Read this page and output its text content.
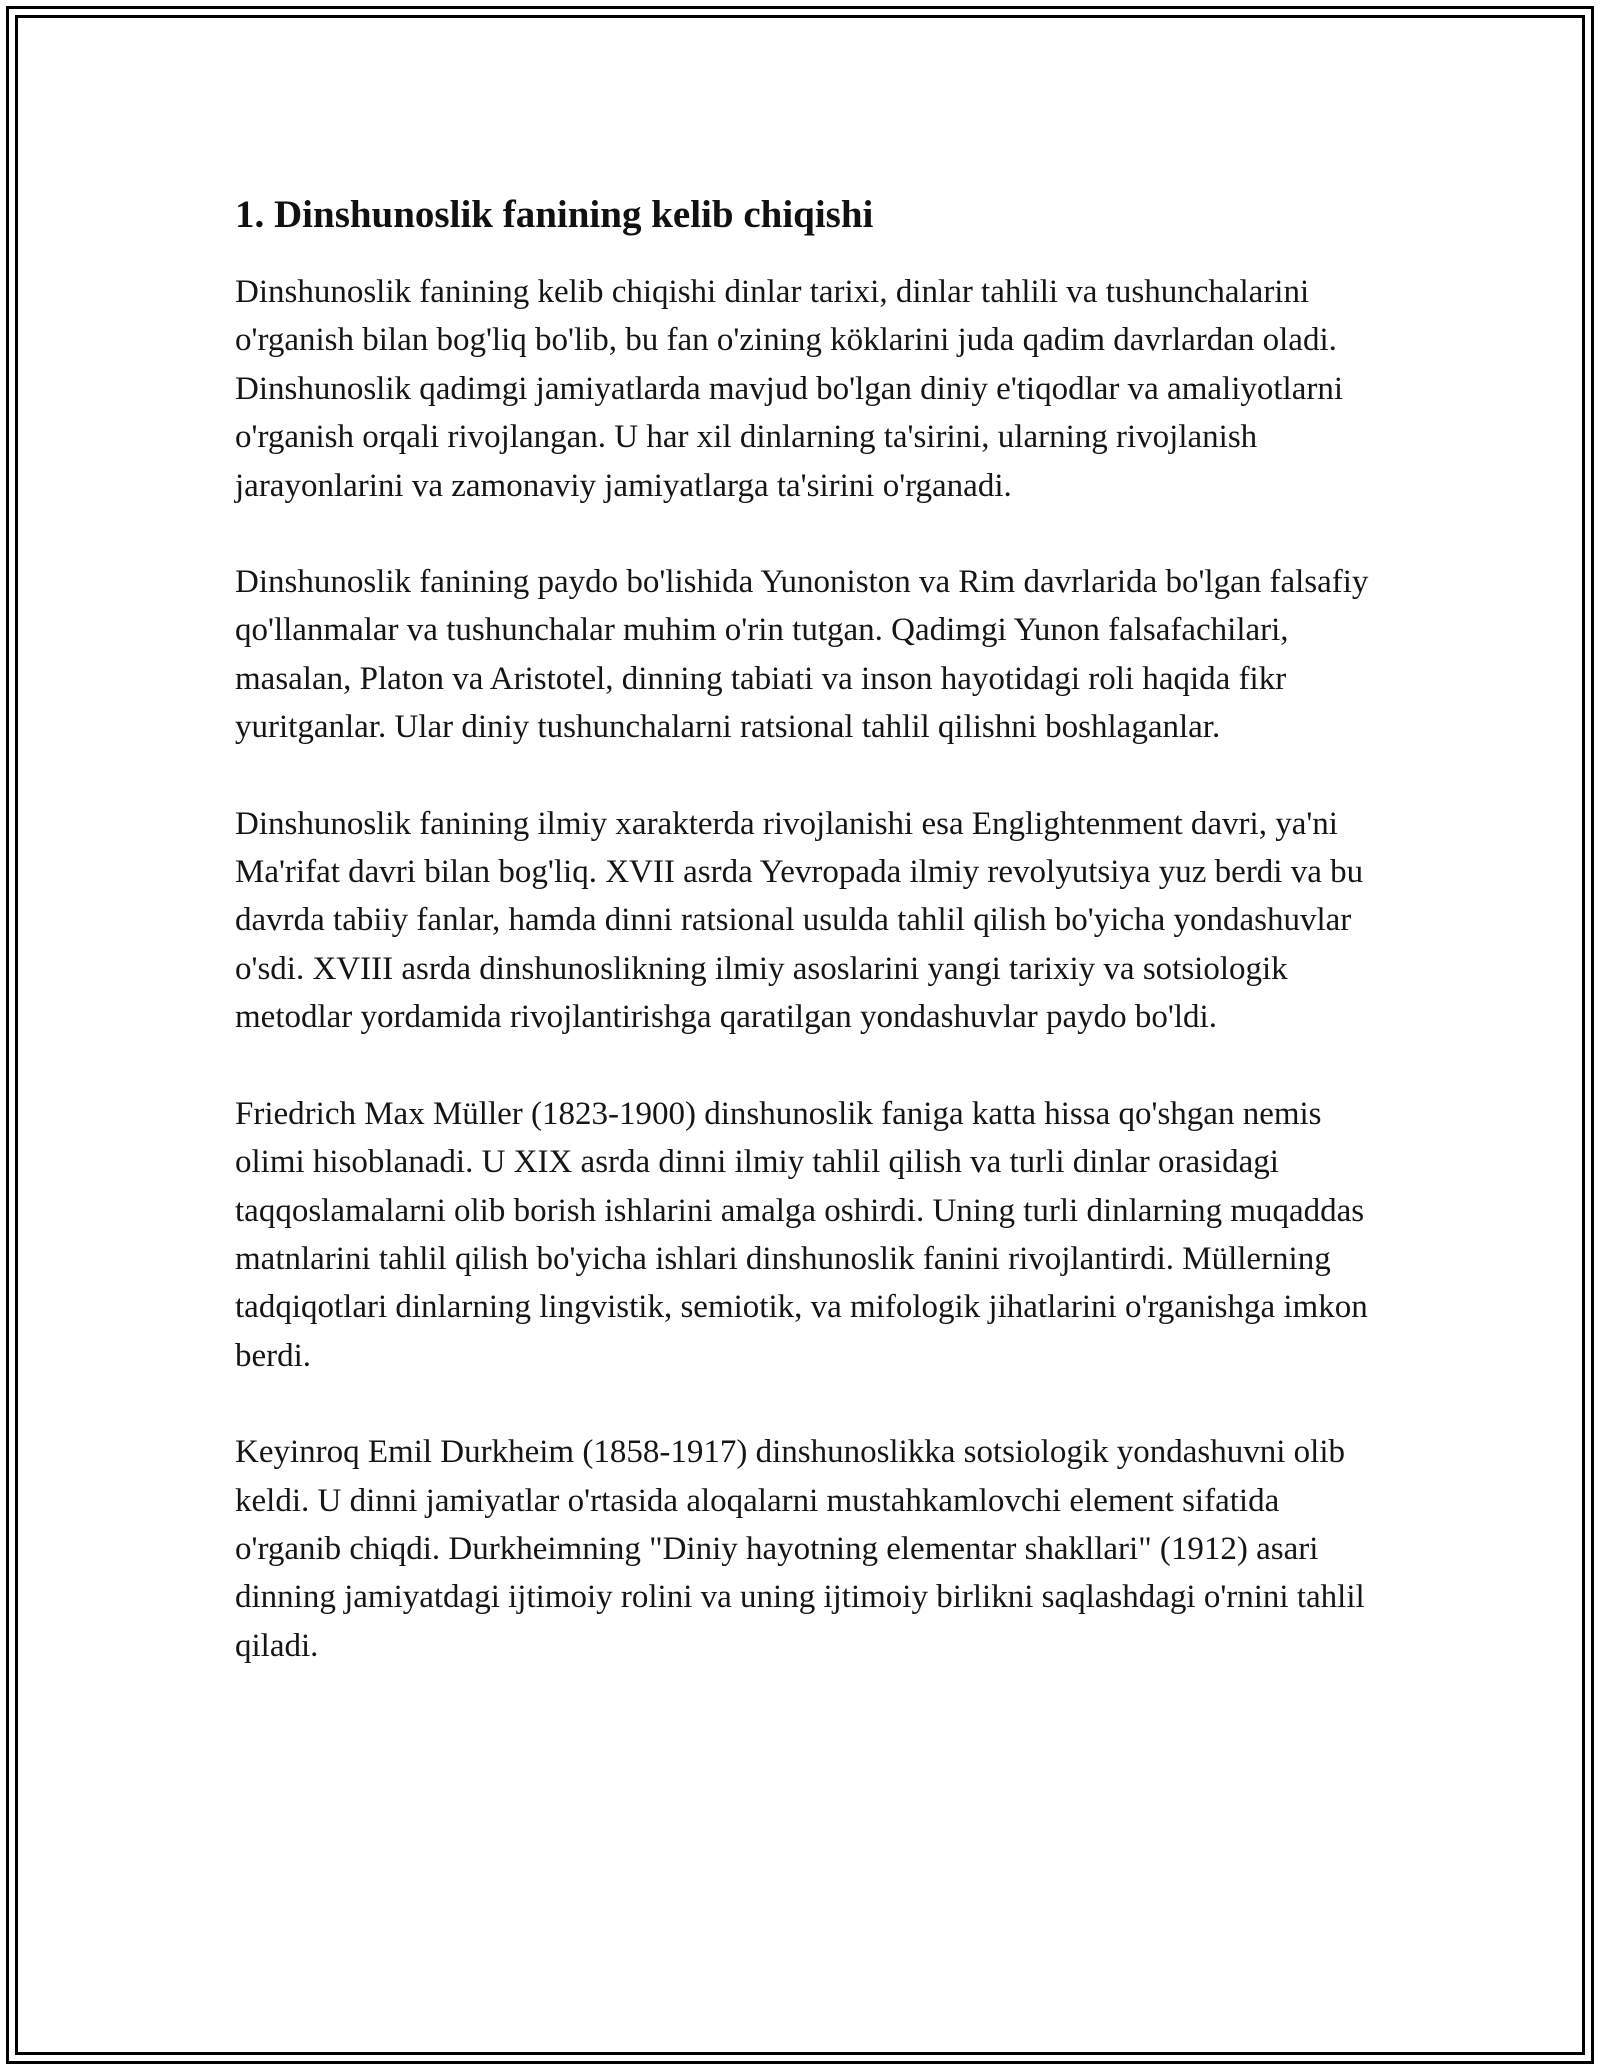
1. Dinshunoslik fanining kelib chiqishi

Dinshunoslik fanining kelib chiqishi dinlar tarixi, dinlar tahlili va tushunchalarini o'rganish bilan bog'liq bo'lib, bu fan o'zining köklarini juda qadim davrlardan oladi. Dinshunoslik qadimgi jamiyatlarda mavjud bo'lgan diniy e'tiqodlar va amaliyotlarni o'rganish orqali rivojlangan. U har xil dinlarning ta'sirini, ularning rivojlanish jarayonlarini va zamonaviy jamiyatlarga ta'sirini o'rganadi.

Dinshunoslik fanining paydo bo'lishida Yunoniston va Rim davrlarida bo'lgan falsafiy qo'llanmalar va tushunchalar muhim o'rin tutgan. Qadimgi Yunon falsafachilari, masalan, Platon va Aristotel, dinning tabiati va inson hayotidagi roli haqida fikr yuritganlar. Ular diniy tushunchalarni ratsional tahlil qilishni boshlaganlar.

Dinshunoslik fanining ilmiy xarakterda rivojlanishi esa Englightenment davri, ya'ni Ma'rifat davri bilan bog'liq. XVII asrda Yevropada ilmiy revolyutsiya yuz berdi va bu davrda tabiiy fanlar, hamda dinni ratsional usulda tahlil qilish bo'yicha yondashuvlar o'sdi. XVIII asrda dinshunoslikning ilmiy asoslarini yangi tarixiy va sotsiologik metodlar yordamida rivojlantirishga qaratilgan yondashuvlar paydo bo'ldi.

Friedrich Max Müller (1823-1900) dinshunoslik faniga katta hissa qo'shgan nemis olimi hisoblanadi. U XIX asrda dinni ilmiy tahlil qilish va turli dinlar orasidagi taqqoslamalarni olib borish ishlarini amalga oshirdi. Uning turli dinlarning muqaddas matnlarini tahlil qilish bo'yicha ishlari dinshunoslik fanini rivojlantirdi. Müllerning tadqiqotlari dinlarning lingvistik, semiotik, va mifologik jihatlarini o'rganishga imkon berdi.

Keyinroq Emil Durkheim (1858-1917) dinshunoslikka sotsiologik yondashuvni olib keldi. U dinni jamiyatlar o'rtasida aloqalarni mustahkamlovchi element sifatida o'rganib chiqdi. Durkheimning "Diniy hayotning elementar shakllari" (1912) asari dinning jamiyatdagi ijtimoiy rolini va uning ijtimoiy birlikni saqlashdagi o'rnini tahlil qiladi.
